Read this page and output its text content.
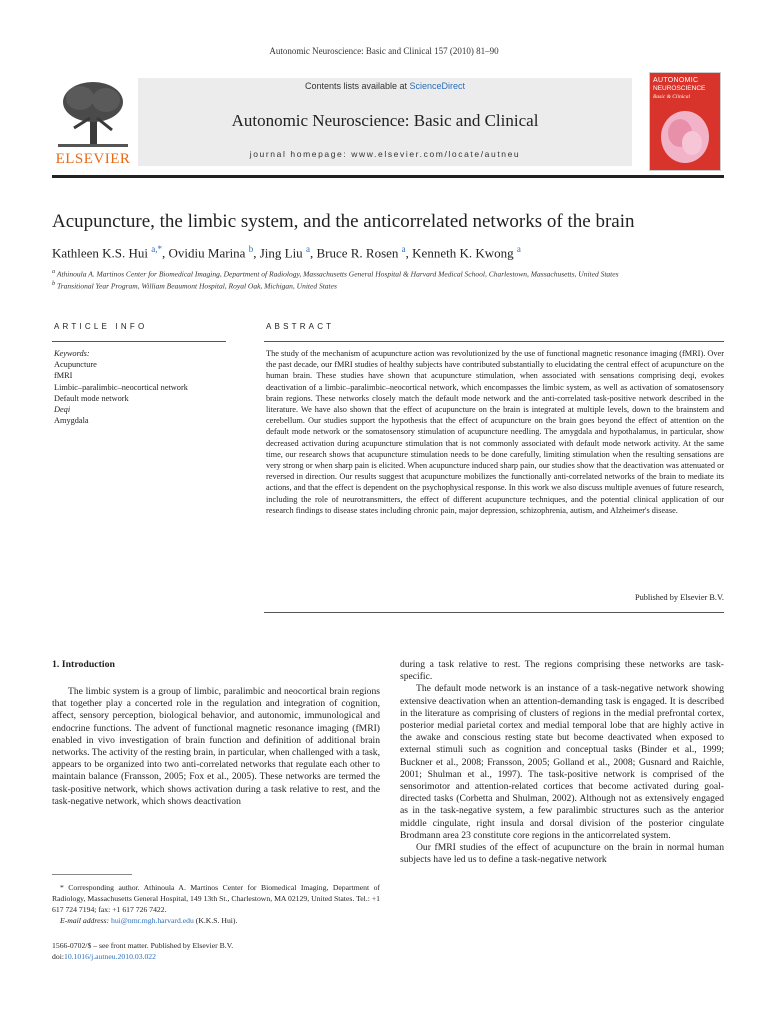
Autonomic Neuroscience: Basic and Clinical 157 (2010) 81–90
ELSEVIER
Contents lists available at ScienceDirect
Autonomic Neuroscience: Basic and Clinical
journal homepage: www.elsevier.com/locate/autneu
AUTONOMIC
NEUROSCIENCE
Basic & Clinical
Acupuncture, the limbic system, and the anticorrelated networks of the brain
Kathleen K.S. Hui $^{a,*}$, Ovidiu Marina $^b$, Jing Liu $^a$, Bruce R. Rosen $^a$, Kenneth K. Kwong $^a$
$^a$ Athinoula A. Martinos Center for Biomedical Imaging, Department of Radiology, Massachusetts General Hospital & Harvard Medical School, Charlestown, Massachusetts, United States
$^b$ Transitional Year Program, William Beaumont Hospital, Royal Oak, Michigan, United States
ARTICLE INFO	ABSTRACT
Keywords:
Acupuncture
fMRI
Limbic–paralimbic–neocortical network
Default mode network
Deqi
Amygdala
The study of the mechanism of acupuncture action was revolutionized by the use of functional magnetic resonance imaging (fMRI). Over the past decade, our fMRI studies of healthy subjects have contributed substantially to elucidating the central effect of acupuncture on the human brain. These studies have shown that acupuncture stimulation, when associated with sensations comprising deqi, evokes deactivation of a limbic–paralimbic–neocortical network, which encompasses the limbic system, as well as activation of somatosensory brain regions. These networks closely match the default mode network and the anti-correlated task-positive network described in the literature. We have also shown that the effect of acupuncture on the brain is integrated at multiple levels, down to the brainstem and cerebellum. Our studies support the hypothesis that the effect of acupuncture on the brain goes beyond the effect of attention on the default mode network or the somatosensory stimulation of acupuncture needling. The amygdala and hypothalamus, in particular, show decreased activation during acupuncture stimulation that is not commonly associated with default mode network activity. At the same time, our research shows that acupuncture stimulation needs to be done carefully, limiting stimulation when the resulting sensations are very strong or when sharp pain is elicited. When acupuncture induced sharp pain, our studies show that the deactivation was attenuated or reversed in direction. Our results suggest that acupuncture mobilizes the functionally anti-correlated networks of the brain to mediate its actions, and that the effect is dependent on the psychophysical response. In this work we also discuss multiple avenues of future research, including the role of neurotransmitters, the effect of different acupuncture techniques, and the potential clinical application of our research findings to disease states including chronic pain, major depression, schizophrenia, autism, and Alzheimer's disease.
Published by Elsevier B.V.
1. Introduction

The limbic system is a group of limbic, paralimbic and neocortical brain regions that together play a concerted role in the regulation and integration of cognition, affect, sensory perception, biological behavior, and autonomic, immunological and endocrine functions. The advent of functional magnetic resonance imaging (fMRI) enabled in vivo investigation of brain function and definition of additional brain networks. The activity of the resting brain, in particular, when challenged with a task, appears to be organized into two anti-correlated networks that regulate each other to maintain balance (Fransson, 2005; Fox et al., 2005). These networks are termed the task-positive network, which shows activation during a task relative to rest, and the task-negative network, which shows deactivation

during a task relative to rest. The regions comprising these networks are task-specific.

The default mode network is an instance of a task-negative network showing extensive deactivation when an attention-demanding task is engaged. It is described in the literature as comprising of clusters of regions in the medial prefrontal cortex, posterior medial parietal cortex and medial temporal lobe that are highly active in the awake and conscious resting state but become deactivated when exposed to external stimuli such as cognition and conceptual tasks (Binder et al., 1999; Buckner et al., 2008; Fransson, 2005; Golland et al., 2008; Gusnard and Raichle, 2001; Shulman et al., 1997). The task-positive network is comprised of the sensorimotor and attention-related cortices that become activated during goal-directed tasks (Corbetta and Shulman, 2002). Although not as extensively engaged as in the task-negative system, a few paralimbic structures such as the anterior middle cingulate, right insula and dorsal division of the posterior cingulate Brodmann area 23 constitute core regions in the anticorrelated system.

Our fMRI studies of the effect of acupuncture on the brain in normal human subjects have led us to define a task-negative network

* Corresponding author. Athinoula A. Martinos Center for Biomedical Imaging, Department of Radiology, Massachusetts General Hospital, 149 13th St., Charlestown, MA 02129, United States. Tel.: +1 617 724 7194; fax: +1 617 726 7422.
E-mail address: hui@nmr.mgh.harvard.edu (K.K.S. Hui).
1566-0702/$ – see front matter. Published by Elsevier B.V.
doi:10.1016/j.autneu.2010.03.022
